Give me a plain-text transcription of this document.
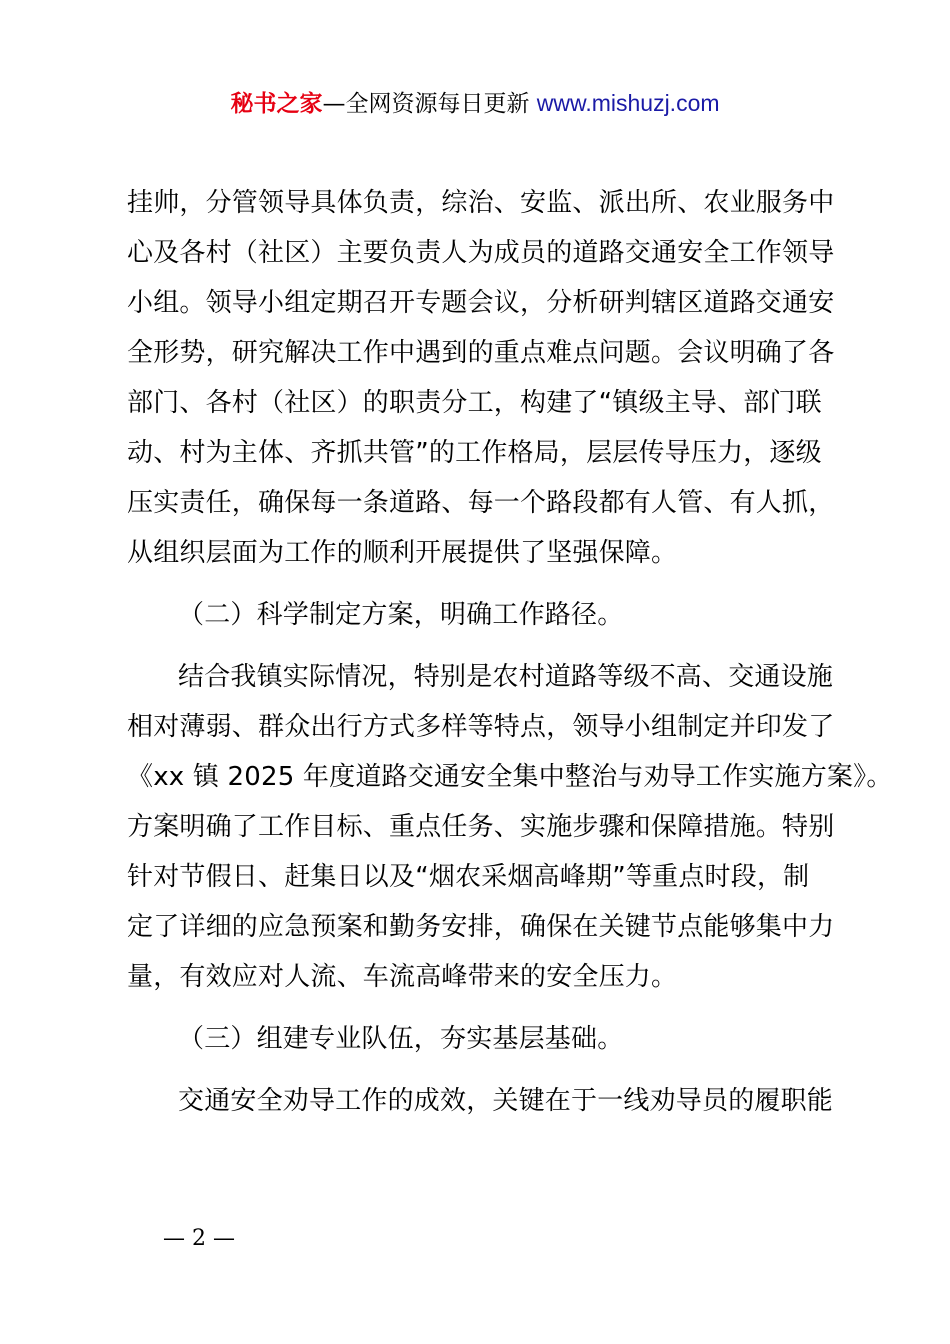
秘书之家—全网资源每日更新 www.mishuzj.com
挂帅，分管领导具体负责，综治、安监、派出所、农业服务中
心及各村（社区）主要负责人为成员的道路交通安全工作领导
小组。领导小组定期召开专题会议，分析研判辖区道路交通安
全形势，研究解决工作中遇到的重点难点问题。会议明确了各
部门、各村（社区）的职责分工，构建了“镇级主导、部门联
动、村为主体、齐抓共管”的工作格局，层层传导压力，逐级
压实责任，确保每一条道路、每一个路段都有人管、有人抓，
从组织层面为工作的顺利开展提供了坚强保障。
（二）科学制定方案，明确工作路径。
结合我镇实际情况，特别是农村道路等级不高、交通设施
相对薄弱、群众出行方式多样等特点，领导小组制定并印发了
《xx 镇 2025 年度道路交通安全集中整治与劝导工作实施方案》。
方案明确了工作目标、重点任务、实施步骤和保障措施。特别
针对节假日、赶集日以及“烟农采烟高峰期”等重点时段，制
定了详细的应急预案和勤务安排，确保在关键节点能够集中力
量，有效应对人流、车流高峰带来的安全压力。
（三）组建专业队伍，夯实基层基础。
交通安全劝导工作的成效，关键在于一线劝导员的履职能
— 2 —
